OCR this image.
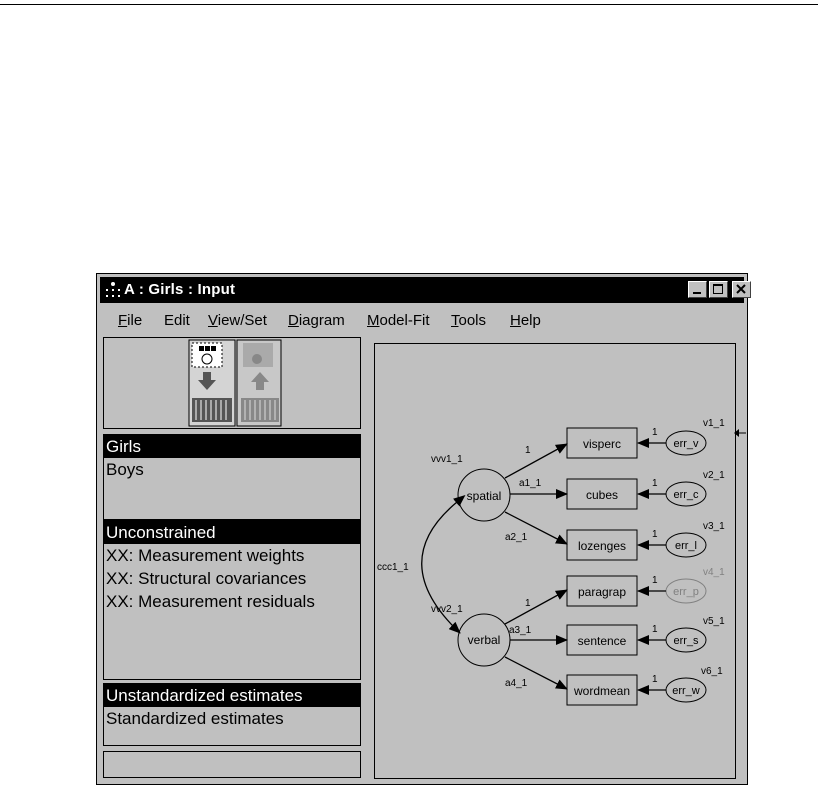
A : Girls : Input
File Edit View/Set Diagram Model-Fit Tools Help
Girls
Boys
Unconstrained
XX: Measurement weights
XX: Structural covariances
XX: Measurement residuals
Unstandardized estimates
Standardized estimates
ccc1_1
spatial
vvv1_1
verbal
vvv2_1
1
a1_1
a2_1
1
a3_1
a4_1
visperc
cubes
lozenges
paragrap
sentence
wordmean
err_v
err_c
err_l
err_p
err_s
err_w
1
1
1
1
1
1
v1_1
v2_1
v3_1
v4_1
v5_1
v6_1
